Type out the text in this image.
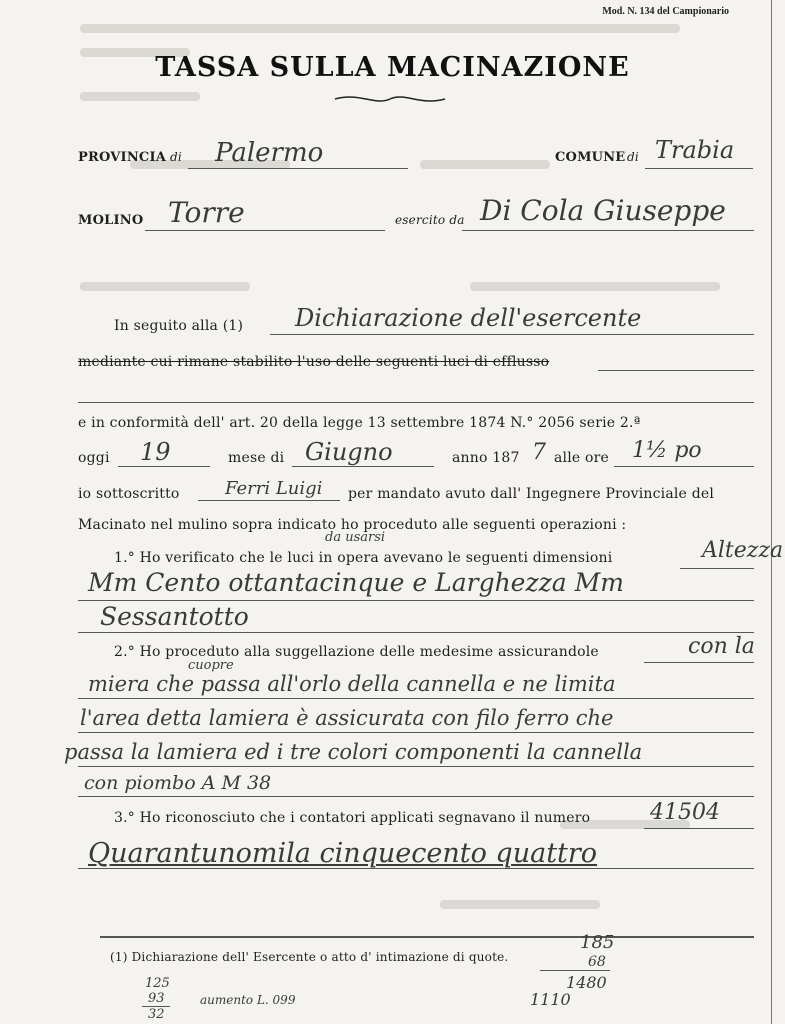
Mod. N. 134 del Campionario
TASSA SULLA MACINAZIONE
PROVINCIA di Palermo	COMUNE di Trabia
MOLINO Torre	esercito da Di Cola Giuseppe
In seguito alla (1) Dichiarazione dell'esercente
mediante cui rimane stabilito l'uso delle seguenti luci di efflusso
e in conformità dell' art. 20 della legge 13 settembre 1874 N.° 2056 serie 2.ª
oggi 19	mese di Giugno	anno 187 7 alle ore 1½ po
io sottoscritto	Ferri Luigi per mandato avuto dall' Ingegnere Provinciale del
Macinato nel mulino sopra indicato ho proceduto alle seguenti operazioni :
da usarsi
1.° Ho verificato che le luci in opera avevano le seguenti dimensioni	Altezza
Mm Cento ottantacinque e Larghezza Mm
Sessantotto
2.° Ho proceduto alla suggellazione delle medesime assicurandole	con la
cuopre
miera che passa all'orlo della cannella e ne limita
l'area detta lamiera è assicurata con filo ferro che
passa la lamiera ed i tre colori componenti la cannella
con piombo A M 38
3.° Ho riconosciuto che i contatori applicati segnavano il numero	41504
Quarantunomila cinquecento quattro
(1) Dichiarazione dell' Esercente o atto d' intimazione di quote.
185
68
1480
1110
125
93
32
aumento L. 099
